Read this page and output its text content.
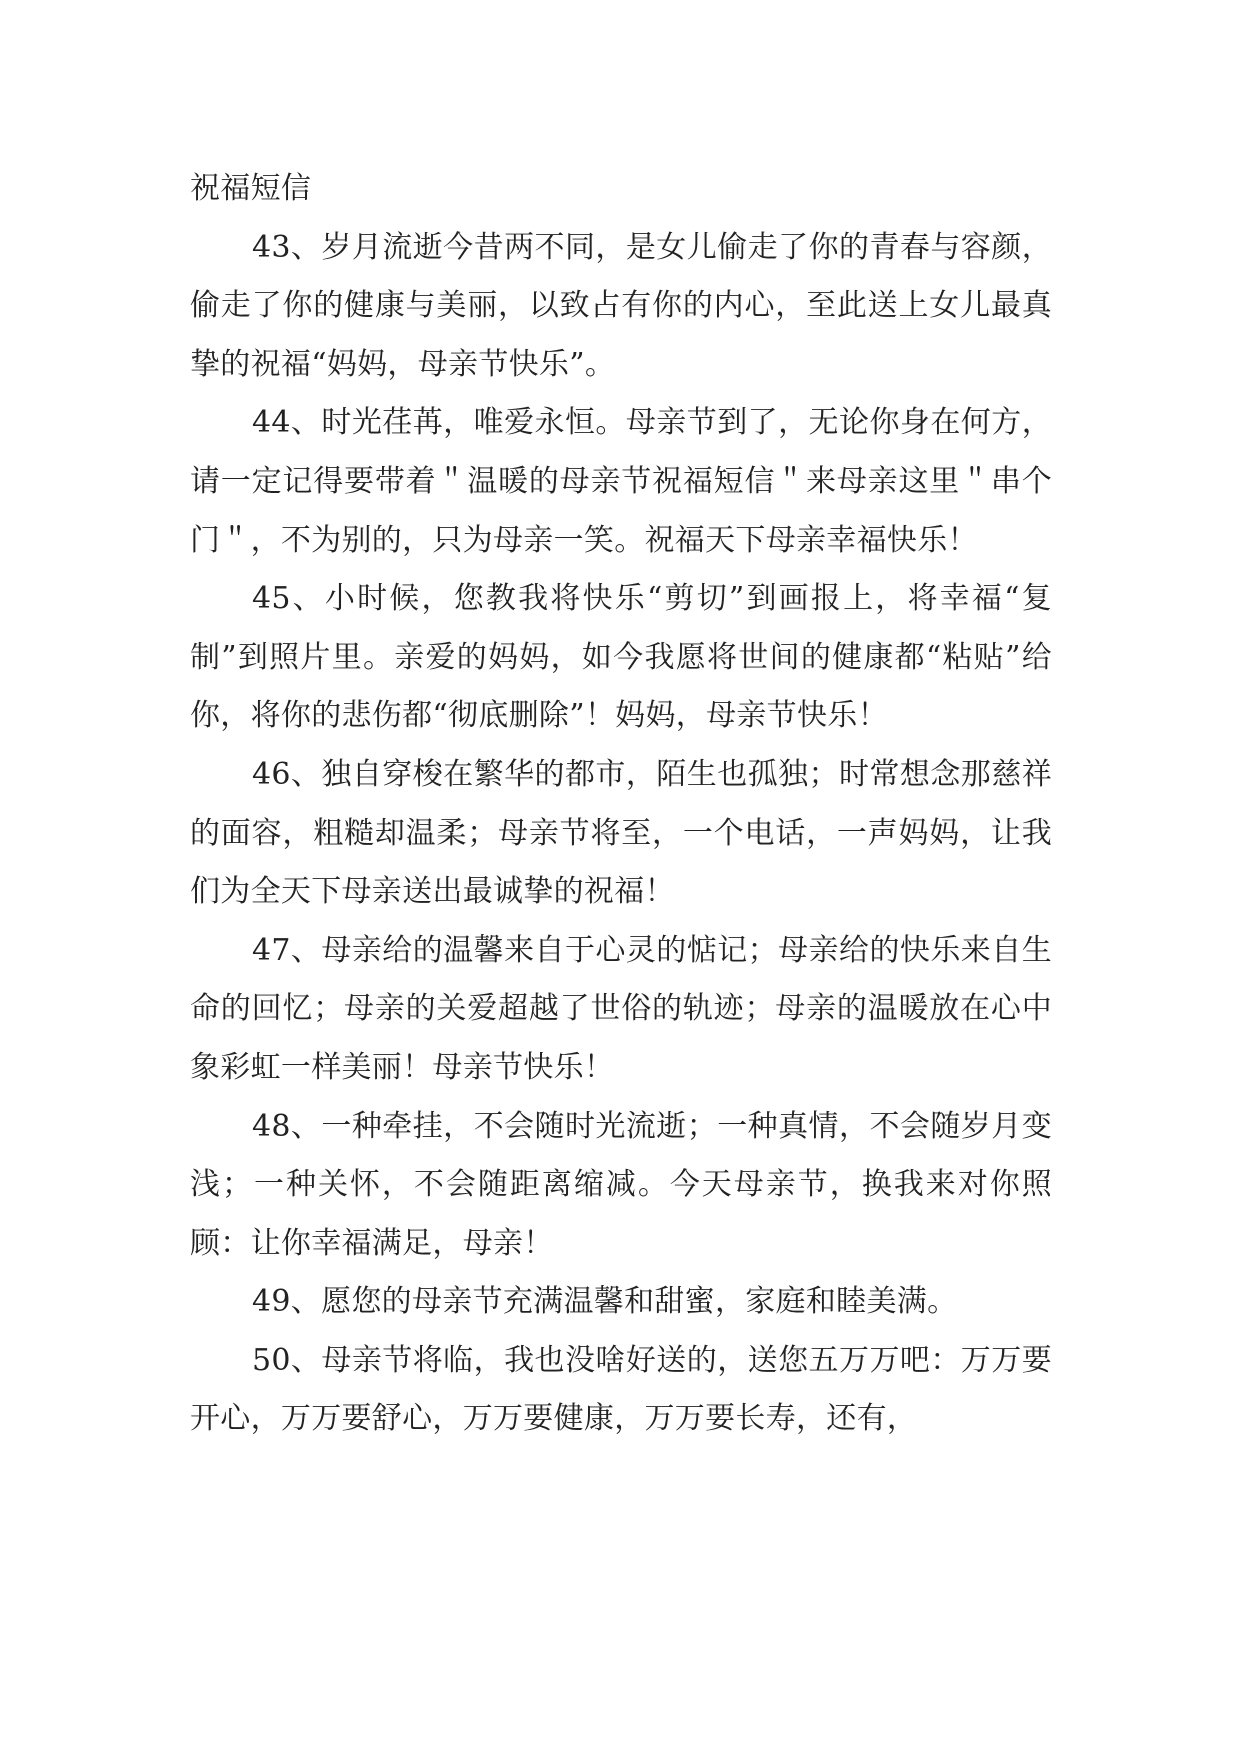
祝福短信

43、岁月流逝今昔两不同，是女儿偷走了你的青春与容颜，偷走了你的健康与美丽，以致占有你的内心，至此送上女儿最真挚的祝福“妈妈，母亲节快乐”。

44、时光荏苒，唯爱永恒。母亲节到了，无论你身在何方，请一定记得要带着＂温暖的母亲节祝福短信＂来母亲这里＂串个门＂，不为别的，只为母亲一笑。祝福天下母亲幸福快乐！

45、小时候，您教我将快乐“剪切”到画报上，将幸福“复制”到照片里。亲爱的妈妈，如今我愿将世间的健康都“粘贴”给你，将你的悲伤都“彻底删除”！妈妈，母亲节快乐！

46、独自穿梭在繁华的都市，陌生也孤独；时常想念那慈祥的面容，粗糙却温柔；母亲节将至，一个电话，一声妈妈，让我们为全天下母亲送出最诚挚的祝福！

47、母亲给的温馨来自于心灵的惦记；母亲给的快乐来自生命的回忆；母亲的关爱超越了世俗的轨迹；母亲的温暖放在心中象彩虹一样美丽！母亲节快乐！

48、一种牵挂，不会随时光流逝；一种真情，不会随岁月变浅；一种关怀，不会随距离缩减。今天母亲节，换我来对你照顾：让你幸福满足，母亲！

49、愿您的母亲节充满温馨和甜蜜，家庭和睦美满。

50、母亲节将临，我也没啥好送的，送您五万万吧：万万要开心，万万要舒心，万万要健康，万万要长寿，还有，
